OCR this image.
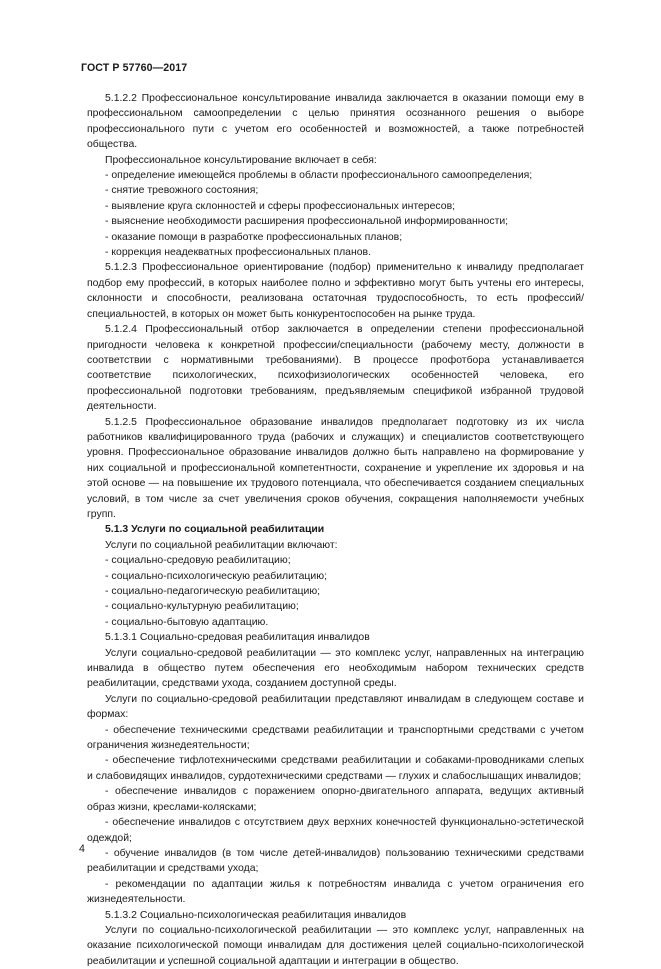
ГОСТ Р 57760—2017

5.1.2.2 Профессиональное консультирование инвалида заключается в оказании помощи ему в профессиональном самоопределении с целью принятия осознанного решения о выборе профессионального пути с учетом его особенностей и возможностей, а также потребностей общества.

Профессиональное консультирование включает в себя:

- определение имеющейся проблемы в области профессионального самоопределения;

- снятие тревожного состояния;

- выявление круга склонностей и сферы профессиональных интересов;

- выяснение необходимости расширения профессиональной информированности;

- оказание помощи в разработке профессиональных планов;

- коррекция неадекватных профессиональных планов.

5.1.2.3 Профессиональное ориентирование (подбор) применительно к инвалиду предполагает подбор ему профессий, в которых наиболее полно и эффективно могут быть учтены его интересы, склонности и способности, реализована остаточная трудоспособность, то есть профессий/специальностей, в которых он может быть конкурентоспособен на рынке труда.

5.1.2.4 Профессиональный отбор заключается в определении степени профессиональной пригодности человека к конкретной профессии/специальности (рабочему месту, должности в соответствии с нормативными требованиями). В процессе профотбора устанавливается соответствие психологических, психофизиологических особенностей человека, его профессиональной подготовки требованиям, предъявляемым спецификой избранной трудовой деятельности.

5.1.2.5 Профессиональное образование инвалидов предполагает подготовку из их числа работников квалифицированного труда (рабочих и служащих) и специалистов соответствующего уровня. Профессиональное образование инвалидов должно быть направлено на формирование у них социальной и профессиональной компетентности, сохранение и укрепление их здоровья и на этой основе — на повышение их трудового потенциала, что обеспечивается созданием специальных условий, в том числе за счет увеличения сроков обучения, сокращения наполняемости учебных групп.

5.1.3 Услуги по социальной реабилитации

Услуги по социальной реабилитации включают:

- социально-средовую реабилитацию;

- социально-психологическую реабилитацию;

- социально-педагогическую реабилитацию;

- социально-культурную реабилитацию;

- социально-бытовую адаптацию.

5.1.3.1 Социально-средовая реабилитация инвалидов

Услуги социально-средовой реабилитации — это комплекс услуг, направленных на интеграцию инвалида в общество путем обеспечения его необходимым набором технических средств реабилитации, средствами ухода, созданием доступной среды.

Услуги по социально-средовой реабилитации представляют инвалидам в следующем составе и формах:

- обеспечение техническими средствами реабилитации и транспортными средствами с учетом ограничения жизнедеятельности;

- обеспечение тифлотехническими средствами реабилитации и собаками-проводниками слепых и слабовидящих инвалидов, сурдотехническими средствами — глухих и слабослышащих инвалидов;

- обеспечение инвалидов с поражением опорно-двигательного аппарата, ведущих активный образ жизни, креслами-колясками;

- обеспечение инвалидов с отсутствием двух верхних конечностей функционально-эстетической одеждой;

- обучение инвалидов (в том числе детей-инвалидов) пользованию техническими средствами реабилитации и средствами ухода;

- рекомендации по адаптации жилья к потребностям инвалида с учетом ограничения его жизнедеятельности.

5.1.3.2 Социально-психологическая реабилитация инвалидов

Услуги по социально-психологической реабилитации — это комплекс услуг, направленных на оказание психологической помощи инвалидам для достижения целей социально-психологической реабилитации и успешной социальной адаптации и интеграции в общество.

4
